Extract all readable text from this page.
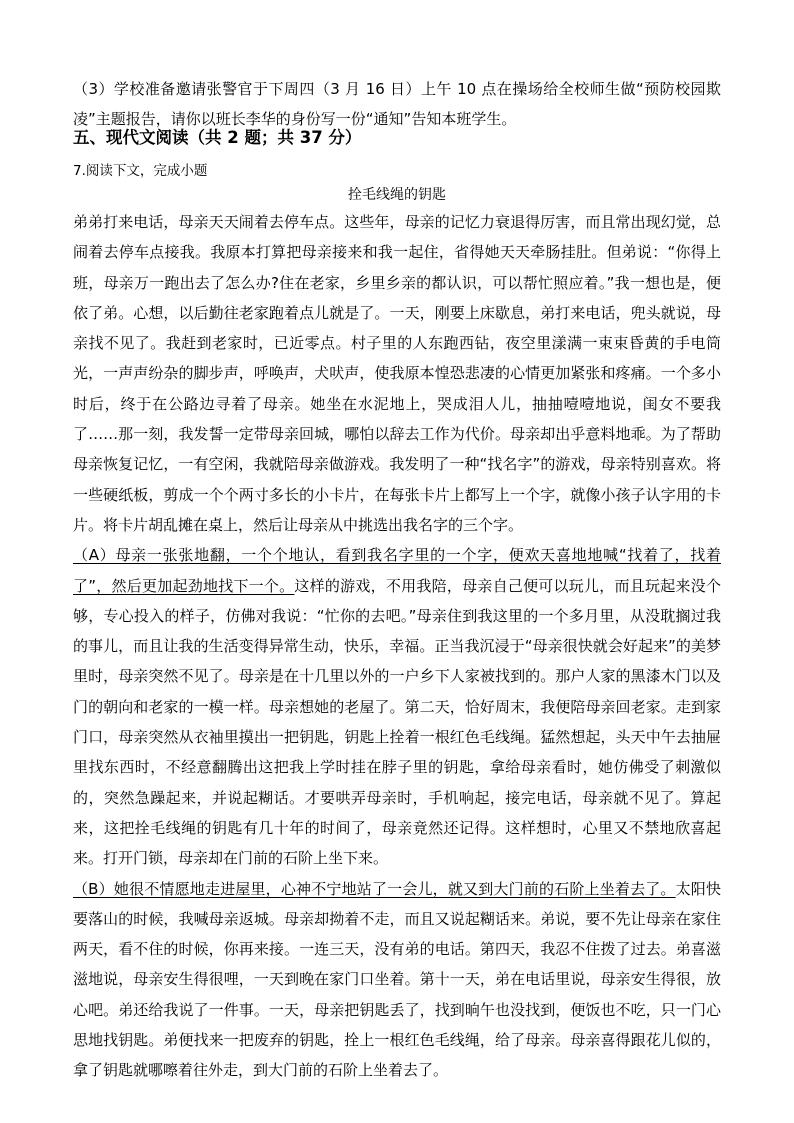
（3）学校准备邀请张警官于下周四（3 月 16 日）上午 10 点在操场给全校师生做“预防校园欺凌”主题报告，请你以班长李华的身份写一份“通知”告知本班学生。

五、现代文阅读（共 2 题；共 37 分）

7.阅读下文，完成小题

拴毛线绳的钥匙

弟弟打来电话，母亲天天闹着去停车点。这些年，母亲的记忆力衰退得厉害，而且常出现幻觉，总闹着去停车点接我。我原本打算把母亲接来和我一起住，省得她天天牵肠挂肚。但弟说：“你得上班，母亲万一跑出去了怎么办?住在老家，乡里乡亲的都认识，可以帮忙照应着。”我一想也是，便依了弟。心想，以后勤往老家跑着点儿就是了。一天，刚要上床歇息，弟打来电话，兜头就说，母亲找不见了。我赶到老家时，已近零点。村子里的人东跑西钻，夜空里漾满一束束昏黄的手电筒光，一声声纷杂的脚步声，呼唤声，犬吠声，使我原本惶恐悲凄的心情更加紧张和疼痛。一个多小时后，终于在公路边寻着了母亲。她坐在水泥地上，哭成泪人儿，抽抽噎噎地说，闺女不要我了……那一刻，我发誓一定带母亲回城，哪怕以辞去工作为代价。母亲却出乎意料地乖。为了帮助母亲恢复记忆，一有空闲，我就陪母亲做游戏。我发明了一种“找名字”的游戏，母亲特别喜欢。将一些硬纸板，剪成一个个两寸多长的小卡片，在每张卡片上都写上一个字，就像小孩子认字用的卡片。将卡片胡乱摊在桌上，然后让母亲从中挑选出我名字的三个字。

（A）母亲一张张地翻，一个个地认，看到我名字里的一个字，便欢天喜地地喊“找着了，找着了”，然后更加起劲地找下一个。这样的游戏，不用我陪，母亲自己便可以玩儿，而且玩起来没个够，专心投入的样子，仿佛对我说：“忙你的去吧。”母亲住到我这里的一个多月里，从没耽搁过我的事儿，而且让我的生活变得异常生动，快乐，幸福。正当我沉浸于“母亲很快就会好起来”的美梦里时，母亲突然不见了。母亲是在十几里以外的一户乡下人家被找到的。那户人家的黑漆木门以及门的朝向和老家的一模一样。母亲想她的老屋了。第二天，恰好周末，我便陪母亲回老家。走到家门口，母亲突然从衣袖里摸出一把钥匙，钥匙上拴着一根红色毛线绳。猛然想起，头天中午去抽屉里找东西时，不经意翻腾出这把我上学时挂在脖子里的钥匙，拿给母亲看时，她仿佛受了刺激似的，突然急躁起来，并说起糊话。才要哄弄母亲时，手机响起，接完电话，母亲就不见了。算起来，这把拴毛线绳的钥匙有几十年的时间了，母亲竟然还记得。这样想时，心里又不禁地欣喜起来。打开门锁，母亲却在门前的石阶上坐下来。

（B）她很不情愿地走进屋里，心神不宁地站了一会儿，就又到大门前的石阶上坐着去了。太阳快要落山的时候，我喊母亲返城。母亲却拗着不走，而且又说起糊话来。弟说，要不先让母亲在家住两天，看不住的时候，你再来接。一连三天，没有弟的电话。第四天，我忍不住拨了过去。弟喜滋滋地说，母亲安生得很哩，一天到晚在家门口坐着。第十一天，弟在电话里说，母亲安生得很，放心吧。弟还给我说了一件事。一天，母亲把钥匙丢了，找到晌午也没找到，便饭也不吃，只一门心思地找钥匙。弟便找来一把废弃的钥匙，拴上一根红色毛线绳，给了母亲。母亲喜得跟花儿似的，拿了钥匙就哪嚓着往外走，到大门前的石阶上坐着去了。
